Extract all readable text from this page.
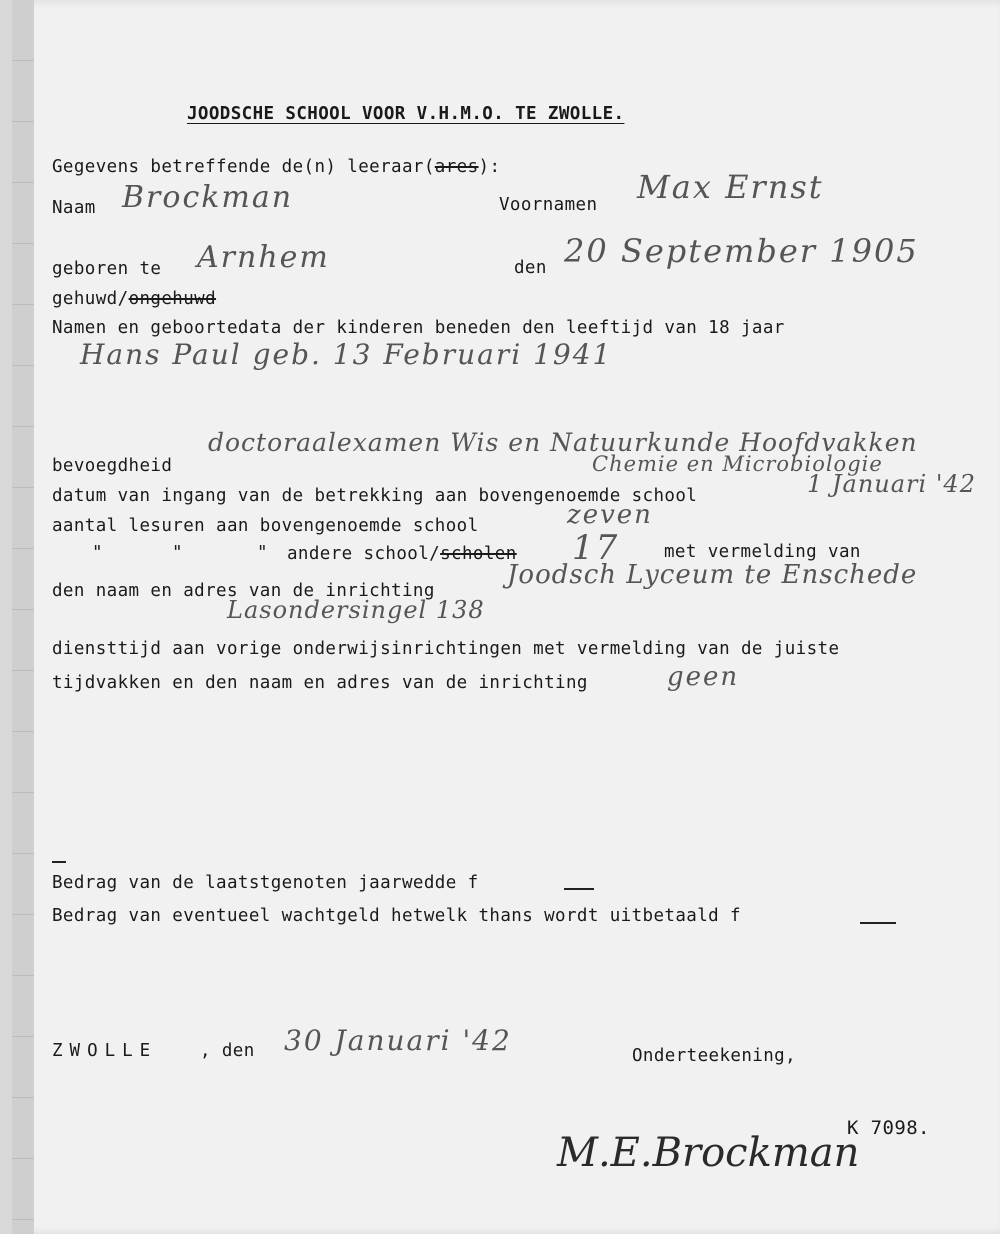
JOODSCHE SCHOOL VOOR V.H.M.O. TE ZWOLLE.
Gegevens betreffende de(n) leeraar(ares):
Naam Brockman	Voornamen Max Ernst
geboren te Arnhem	den 20 September 1905
gehuwd/ongehuwd
Namen en geboortedata der kinderen beneden den leeftijd van 18 jaar
Hans Paul geb. 13 Februari 1941
bevoegdheid
doctoraalexamen Wis en Natuurkunde Hoofdvakken
Chemie en Microbiologie
datum van ingang van de betrekking aan bovengenoemde school	1 Januari '42
aantal lesuren aan bovengenoemde school	zeven
"	"	" andere school/scholen 17	met vermelding van
den naam en adres van de inrichting
Joodsch Lyceum te Enschede
Lasondersingel 138
diensttijd aan vorige onderwijsinrichtingen met vermelding van de juiste
tijdvakken en den naam en adres van de inrichting	geen
Bedrag van de laatstgenoten jaarwedde f
Bedrag van eventueel wachtgeld hetwelk thans wordt uitbetaald f
ZWOLLE , den 30 Januari '42	Onderteekening,
M.E.Brockman
K 7098.
